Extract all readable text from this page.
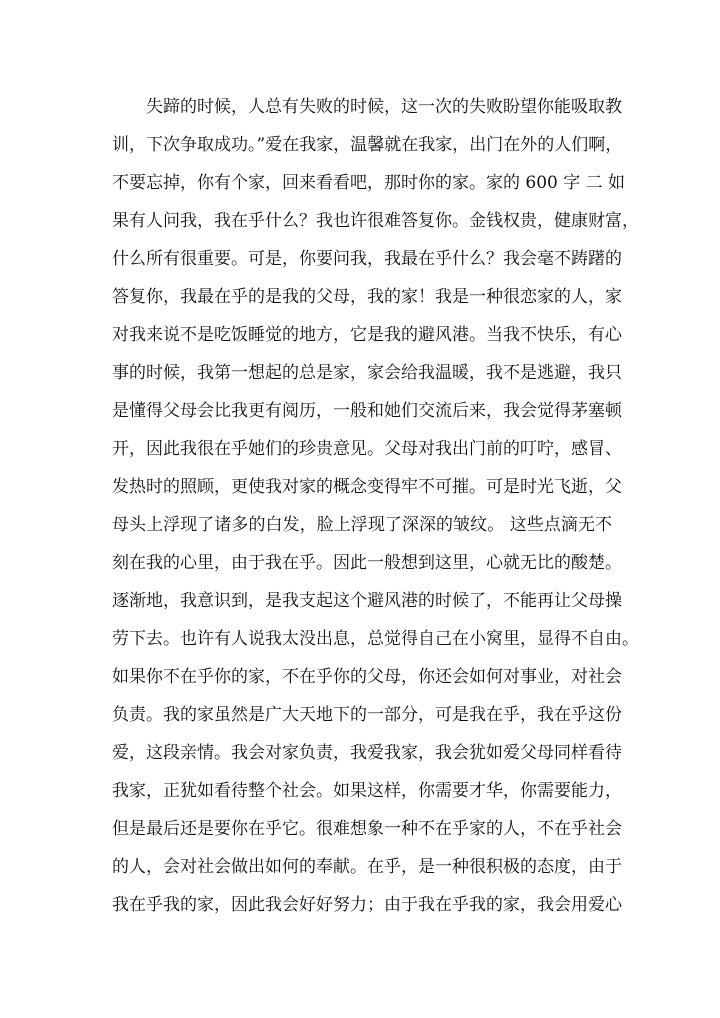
失蹄的时候，人总有失败的时候，这一次的失败盼望你能吸取教
训，下次争取成功。”爱在我家，温馨就在我家，出门在外的人们啊，
不要忘掉，你有个家，回来看看吧，那时你的家。家的 600 字 二 如
果有人问我，我在乎什么？我也许很难答复你。金钱权贵，健康财富，
什么所有很重要。可是，你要问我，我最在乎什么？我会毫不踌躇的
答复你，我最在乎的是我的父母，我的家！我是一种很恋家的人，家
对我来说不是吃饭睡觉的地方，它是我的避风港。当我不快乐，有心
事的时候，我第一想起的总是家，家会给我温暖，我不是逃避，我只
是懂得父母会比我更有阅历，一般和她们交流后来，我会觉得茅塞顿
开，因此我很在乎她们的珍贵意见。父母对我出门前的叮咛，感冒、
发热时的照顾，更使我对家的概念变得牢不可摧。可是时光飞逝，父
母头上浮现了诸多的白发，脸上浮现了深深的皱纹。 这些点滴无不
刻在我的心里，由于我在乎。因此一般想到这里，心就无比的酸楚。
逐渐地，我意识到，是我支起这个避风港的时候了，不能再让父母操
劳下去。也许有人说我太没出息，总觉得自己在小窝里，显得不自由。
如果你不在乎你的家，不在乎你的父母，你还会如何对事业，对社会
负责。我的家虽然是广大天地下的一部分，可是我在乎，我在乎这份
爱，这段亲情。我会对家负责，我爱我家，我会犹如爱父母同样看待
我家，正犹如看待整个社会。如果这样，你需要才华，你需要能力，
但是最后还是要你在乎它。很难想象一种不在乎家的人，不在乎社会
的人，会对社会做出如何的奉献。在乎，是一种很积极的态度，由于
我在乎我的家，因此我会好好努力；由于我在乎我的家，我会用爱心
